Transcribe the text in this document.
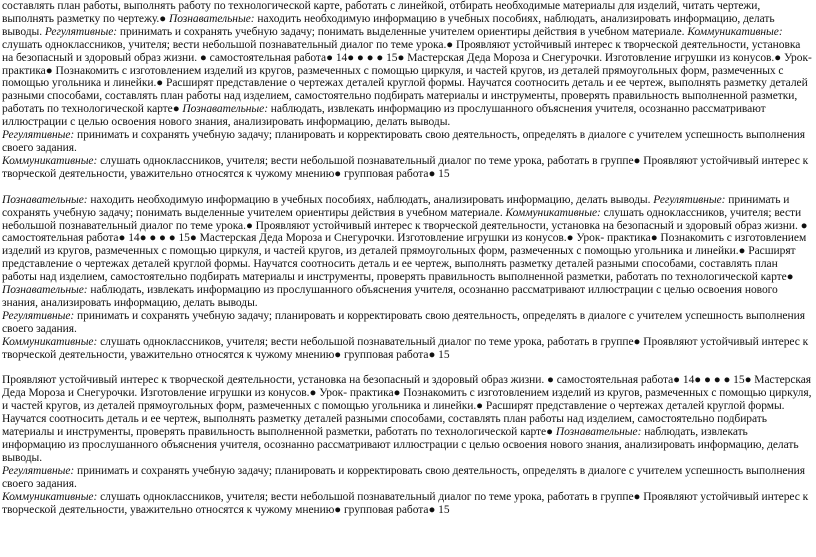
составлять план работы, выполнять работу по технологической карте, работать с линейкой, отбирать необходимые материалы для изделий, читать чертежи, выполнять разметку по чертежу.● Познавательные: находить необходимую информацию в учебных пособиях, наблюдать, анализировать информацию, делать выводы. Регулятивные: принимать и сохранять учебную задачу; понимать выделенные учителем ориентиры действия в учебном материале. Коммуникативные: слушать одноклассников, учителя; вести небольшой познавательный диалог по теме урока.● Проявляют устойчивый интерес к творческой деятельности, установка на безопасный и здоровый образ жизни. ● самостоятельная работа● 14● ● ● ● 15● Мастерская Деда Мороза и Снегурочки. Изготовление игрушки из конусов.● Урок- практика● Познакомить с изготовлением изделий из кругов, размеченных с помощью циркуля, и частей кругов, из деталей прямоугольных форм, размеченных с помощью угольника и линейки.● Расширят представление о чертежах деталей круглой формы. Научатся соотносить деталь и ее чертеж, выполнять разметку деталей разными способами, составлять план работы над изделием, самостоятельно подбирать материалы и инструменты, проверять правильность выполненной разметки, работать по технологической карте● Познавательные: наблюдать, извлекать информацию из прослушанного объяснения учителя, осознанно рассматривают иллюстрации с целью освоения нового знания, анализировать информацию, делать выводы.
Регулятивные: принимать и сохранять учебную задачу; планировать и корректировать свою деятельность, определять в диалоге с учителем успешность выполнения своего задания.
Коммуникативные: слушать одноклассников, учителя; вести небольшой познавательный диалог по теме урока, работать в группе● Проявляют устойчивый интерес к творческой деятельности, уважительно относятся к чужому мнению● групповая работа● 15

Познавательные: находить необходимую информацию в учебных пособиях, наблюдать, анализировать информацию, делать выводы. Регулятивные: принимать и сохранять учебную задачу; понимать выделенные учителем ориентиры действия в учебном материале. Коммуникативные: слушать одноклассников, учителя; вести небольшой познавательный диалог по теме урока.● Проявляют устойчивый интерес к творческой деятельности, установка на безопасный и здоровый образ жизни. ● самостоятельная работа● 14● ● ● ● 15● Мастерская Деда Мороза и Снегурочки. Изготовление игрушки из конусов.● Урок- практика● Познакомить с изготовлением изделий из кругов, размеченных с помощью циркуля, и частей кругов, из деталей прямоугольных форм, размеченных с помощью угольника и линейки.● Расширят представление о чертежах деталей круглой формы. Научатся соотносить деталь и ее чертеж, выполнять разметку деталей разными способами, составлять план работы над изделием, самостоятельно подбирать материалы и инструменты, проверять правильность выполненной разметки, работать по технологической карте● Познавательные: наблюдать, извлекать информацию из прослушанного объяснения учителя, осознанно рассматривают иллюстрации с целью освоения нового знания, анализировать информацию, делать выводы.
Регулятивные: принимать и сохранять учебную задачу; планировать и корректировать свою деятельность, определять в диалоге с учителем успешность выполнения своего задания.
Коммуникативные: слушать одноклассников, учителя; вести небольшой познавательный диалог по теме урока, работать в группе● Проявляют устойчивый интерес к творческой деятельности, уважительно относятся к чужому мнению● групповая работа● 15

Проявляют устойчивый интерес к творческой деятельности, установка на безопасный и здоровый образ жизни. ● самостоятельная работа● 14● ● ● ● 15● Мастерская Деда Мороза и Снегурочки. Изготовление игрушки из конусов.● Урок- практика● Познакомить с изготовлением изделий из кругов, размеченных с помощью циркуля, и частей кругов, из деталей прямоугольных форм, размеченных с помощью угольника и линейки.● Расширят представление о чертежах деталей круглой формы. Научатся соотносить деталь и ее чертеж, выполнять разметку деталей разными способами, составлять план работы над изделием, самостоятельно подбирать материалы и инструменты, проверять правильность выполненной разметки, работать по технологической карте● Познавательные: наблюдать, извлекать информацию из прослушанного объяснения учителя, осознанно рассматривают иллюстрации с целью освоения нового знания, анализировать информацию, делать выводы.
Регулятивные: принимать и сохранять учебную задачу; планировать и корректировать свою деятельность, определять в диалоге с учителем успешность выполнения своего задания.
Коммуникативные: слушать одноклассников, учителя; вести небольшой познавательный диалог по теме урока, работать в группе● Проявляют устойчивый интерес к творческой деятельности, уважительно относятся к чужому мнению● групповая работа● 15
